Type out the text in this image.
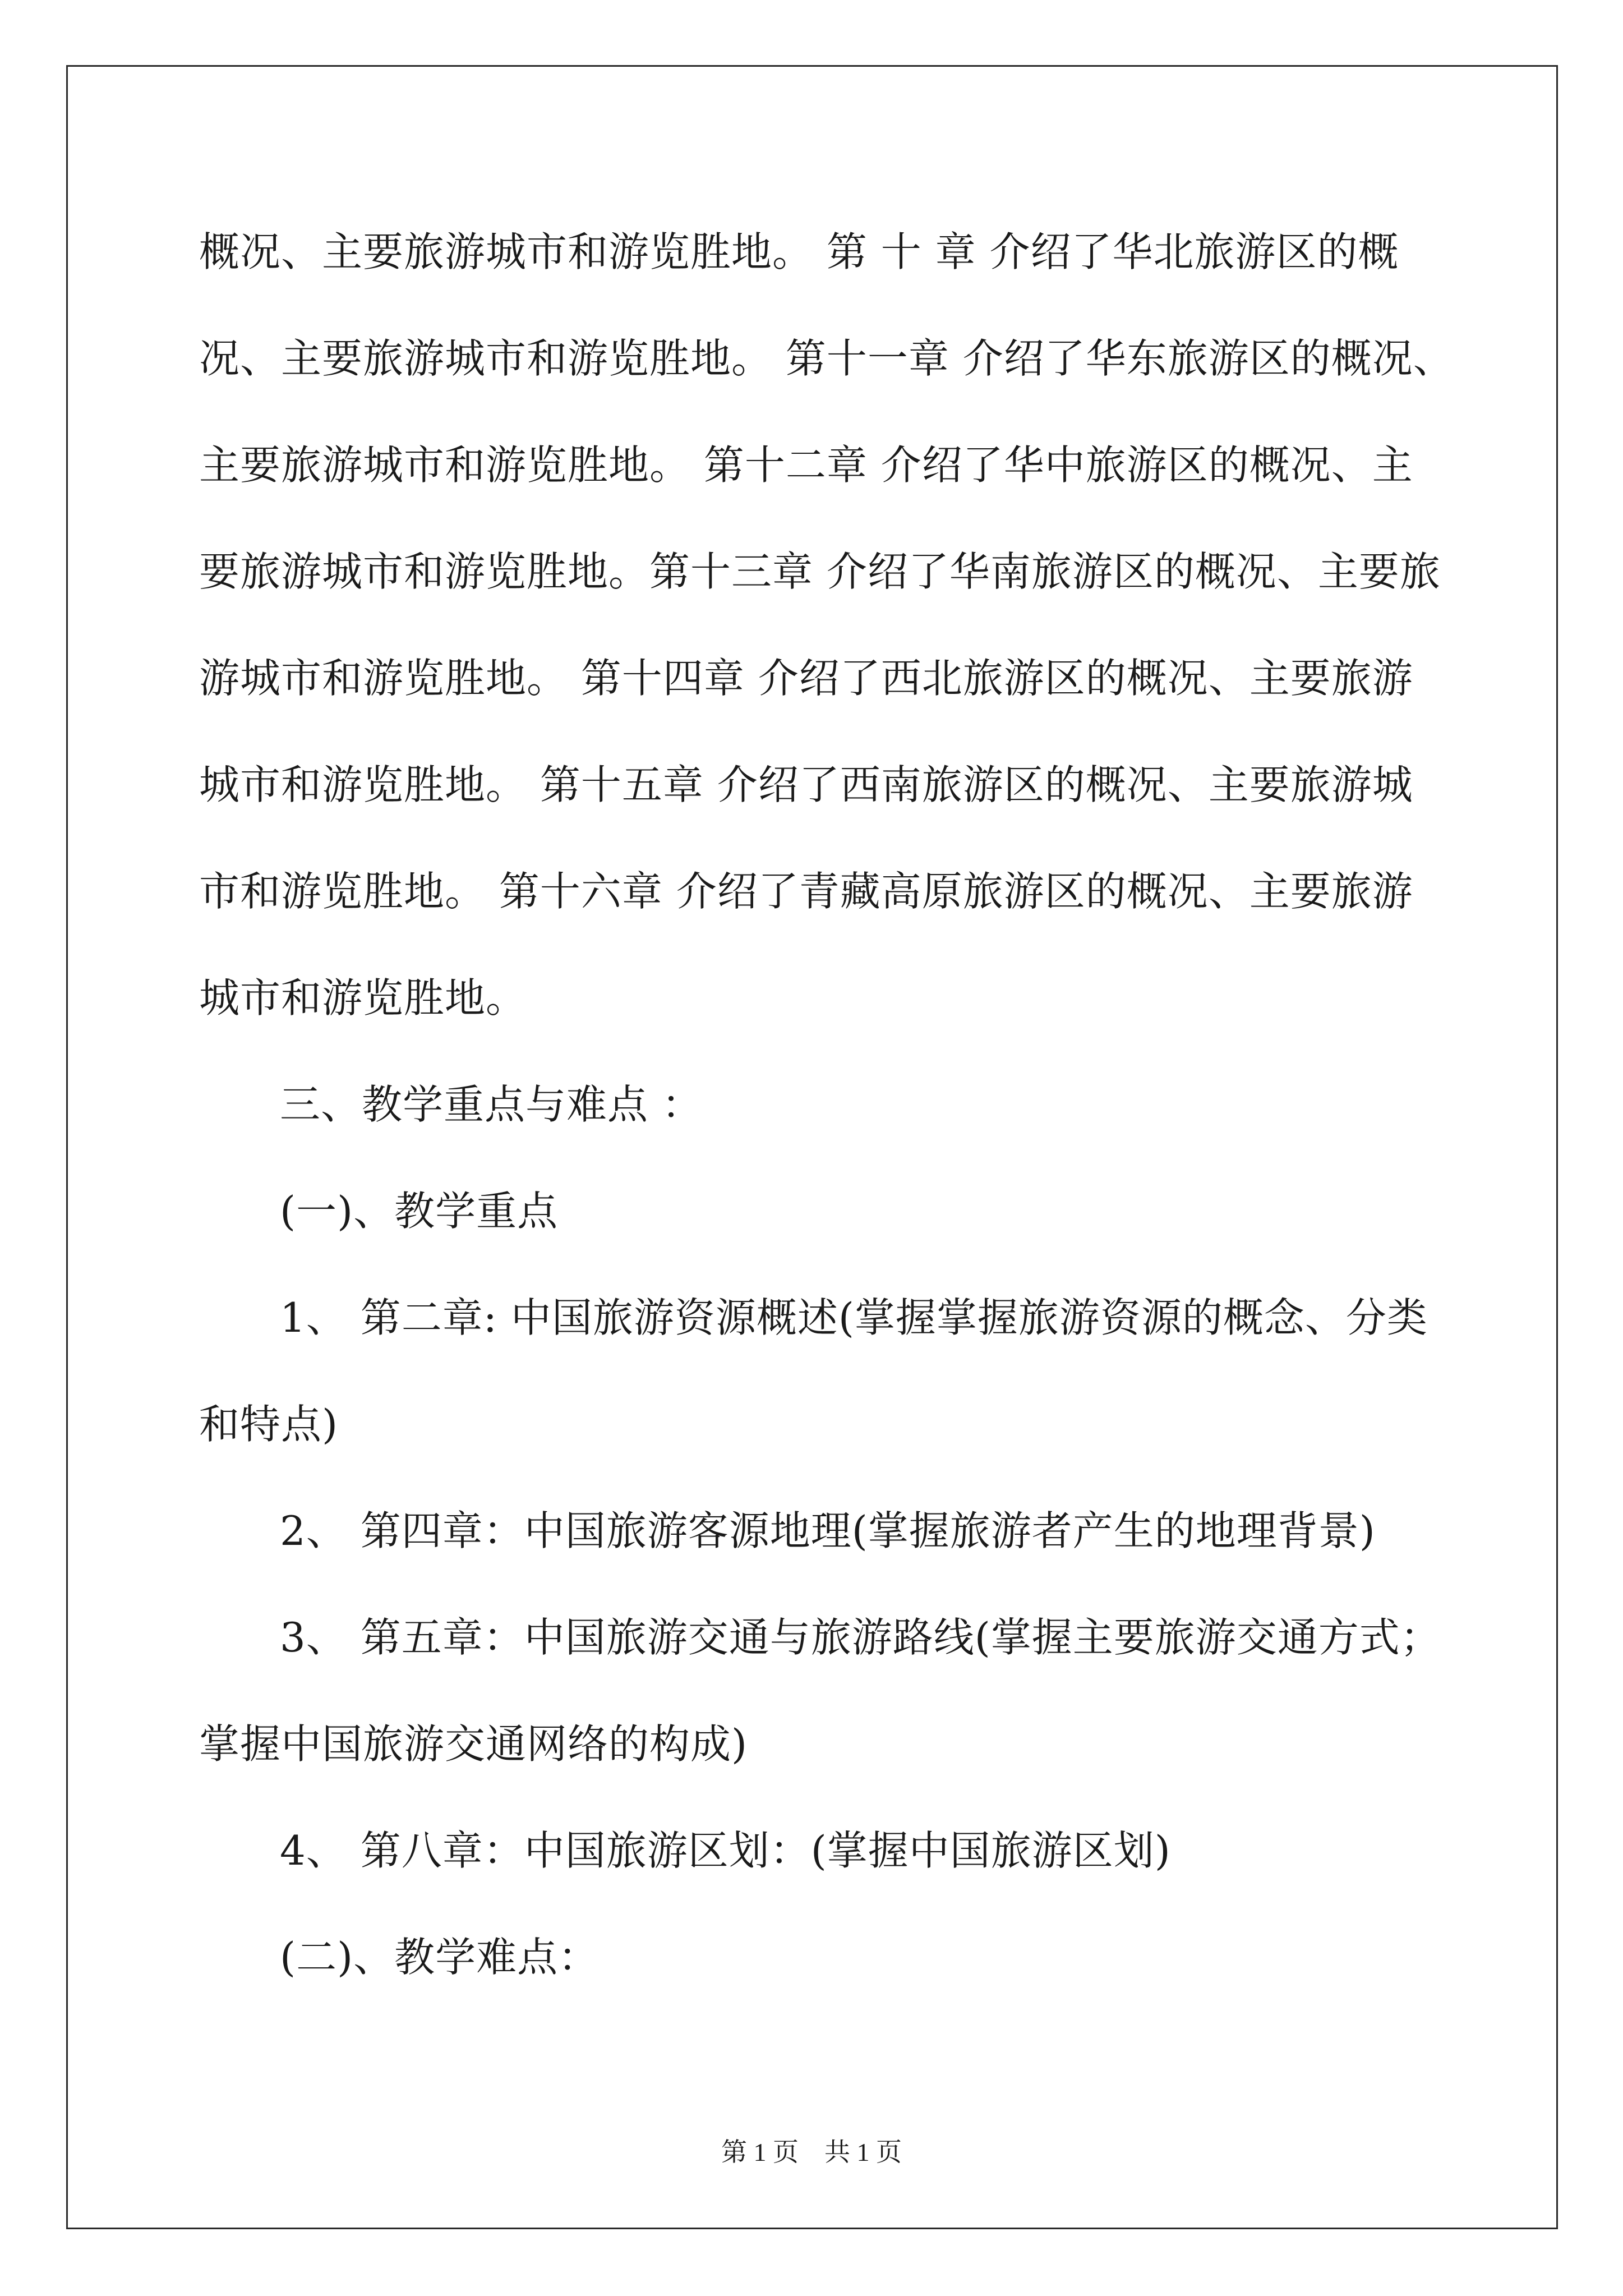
概况、主要旅游城市和游览胜地。 第 十 章 介绍了华北旅游区的概
况、主要旅游城市和游览胜地。 第十一章 介绍了华东旅游区的概况、
主要旅游城市和游览胜地。 第十二章 介绍了华中旅游区的概况、主
要旅游城市和游览胜地。第十三章 介绍了华南旅游区的概况、主要旅
游城市和游览胜地。 第十四章 介绍了西北旅游区的概况、主要旅游
城市和游览胜地。 第十五章 介绍了西南旅游区的概况、主要旅游城
市和游览胜地。 第十六章 介绍了青藏高原旅游区的概况、主要旅游
城市和游览胜地。
三、教学重点与难点 ：
(一)、教学重点
1、 第二章: 中国旅游资源概述(掌握掌握旅游资源的概念、分类
和特点)
2、 第四章：中国旅游客源地理(掌握旅游者产生的地理背景)
3、 第五章：中国旅游交通与旅游路线(掌握主要旅游交通方式；
掌握中国旅游交通网络的构成)
4、 第八章：中国旅游区划：(掌握中国旅游区划)
(二)、教学难点：
第 1 页　共 1 页
